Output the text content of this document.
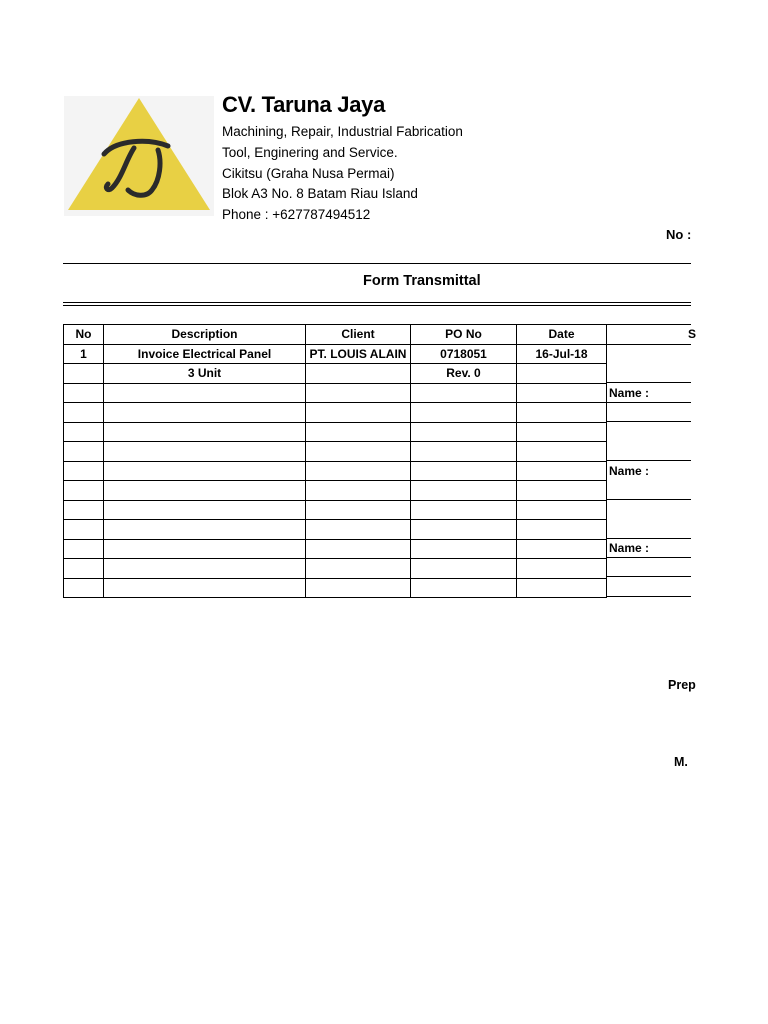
CV. Taruna Jaya
Machining, Repair, Industrial Fabrication
Tool, Enginering and Service.
Cikitsu (Graha Nusa Permai)
Blok A3 No. 8 Batam Riau Island
Phone : +627787494512
No :
Form Transmittal
No	Description	Client	PO No	Date
1	Invoice Electrical Panel	PT. LOUIS ALAIN	0718051	16-Jul-18
	3 Unit		Rev. 0	

S
Name :
Name :
Name :
Prep
M.
